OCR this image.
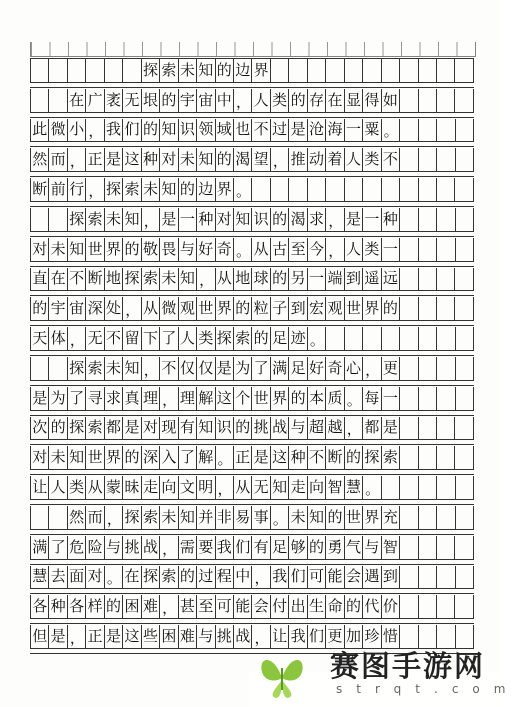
探 索 未 知 的 边 界
在 广 袤 无 垠 的 宇 宙 中 ， 人 类 的 存 在 显 得 如
此 微 小 ， 我 们 的 知 识 领 域 也 不 过 是 沧 海 一 粟 。
然 而 ， 正 是 这 种 对 未 知 的 渴 望 ， 推 动 着 人 类 不
断 前 行 ， 探 索 未 知 的 边 界 。
探 索 未 知 ， 是 一 种 对 知 识 的 渴 求 ， 是 一 种
对 未 知 世 界 的 敬 畏 与 好 奇 。 从 古 至 今 ， 人 类 一
直 在 不 断 地 探 索 未 知 ， 从 地 球 的 另 一 端 到 遥 远
的 宇 宙 深 处 ， 从 微 观 世 界 的 粒 子 到 宏 观 世 界 的
天 体 ， 无 不 留 下 了 人 类 探 索 的 足 迹 。
探 索 未 知 ， 不 仅 仅 是 为 了 满 足 好 奇 心 ， 更
是 为 了 寻 求 真 理 ， 理 解 这 个 世 界 的 本 质 。 每 一
次 的 探 索 都 是 对 现 有 知 识 的 挑 战 与 超 越 ， 都 是
对 未 知 世 界 的 深 入 了 解 。 正 是 这 种 不 断 的 探 索
让 人 类 从 蒙 昧 走 向 文 明 ， 从 无 知 走 向 智 慧 。
然 而 ， 探 索 未 知 并 非 易 事 。 未 知 的 世 界 充
满 了 危 险 与 挑 战 ， 需 要 我 们 有 足 够 的 勇 气 与 智
慧 去 面 对 。 在 探 索 的 过 程 中 ， 我 们 可 能 会 遇 到
各 种 各 样 的 困 难 ， 甚 至 可 能 会 付 出 生 命 的 代 价
但 是 ， 正 是 这 些 困 难 与 挑 战 ， 让 我 们 更 加 珍 惜
赛图手游网
strqt.com
